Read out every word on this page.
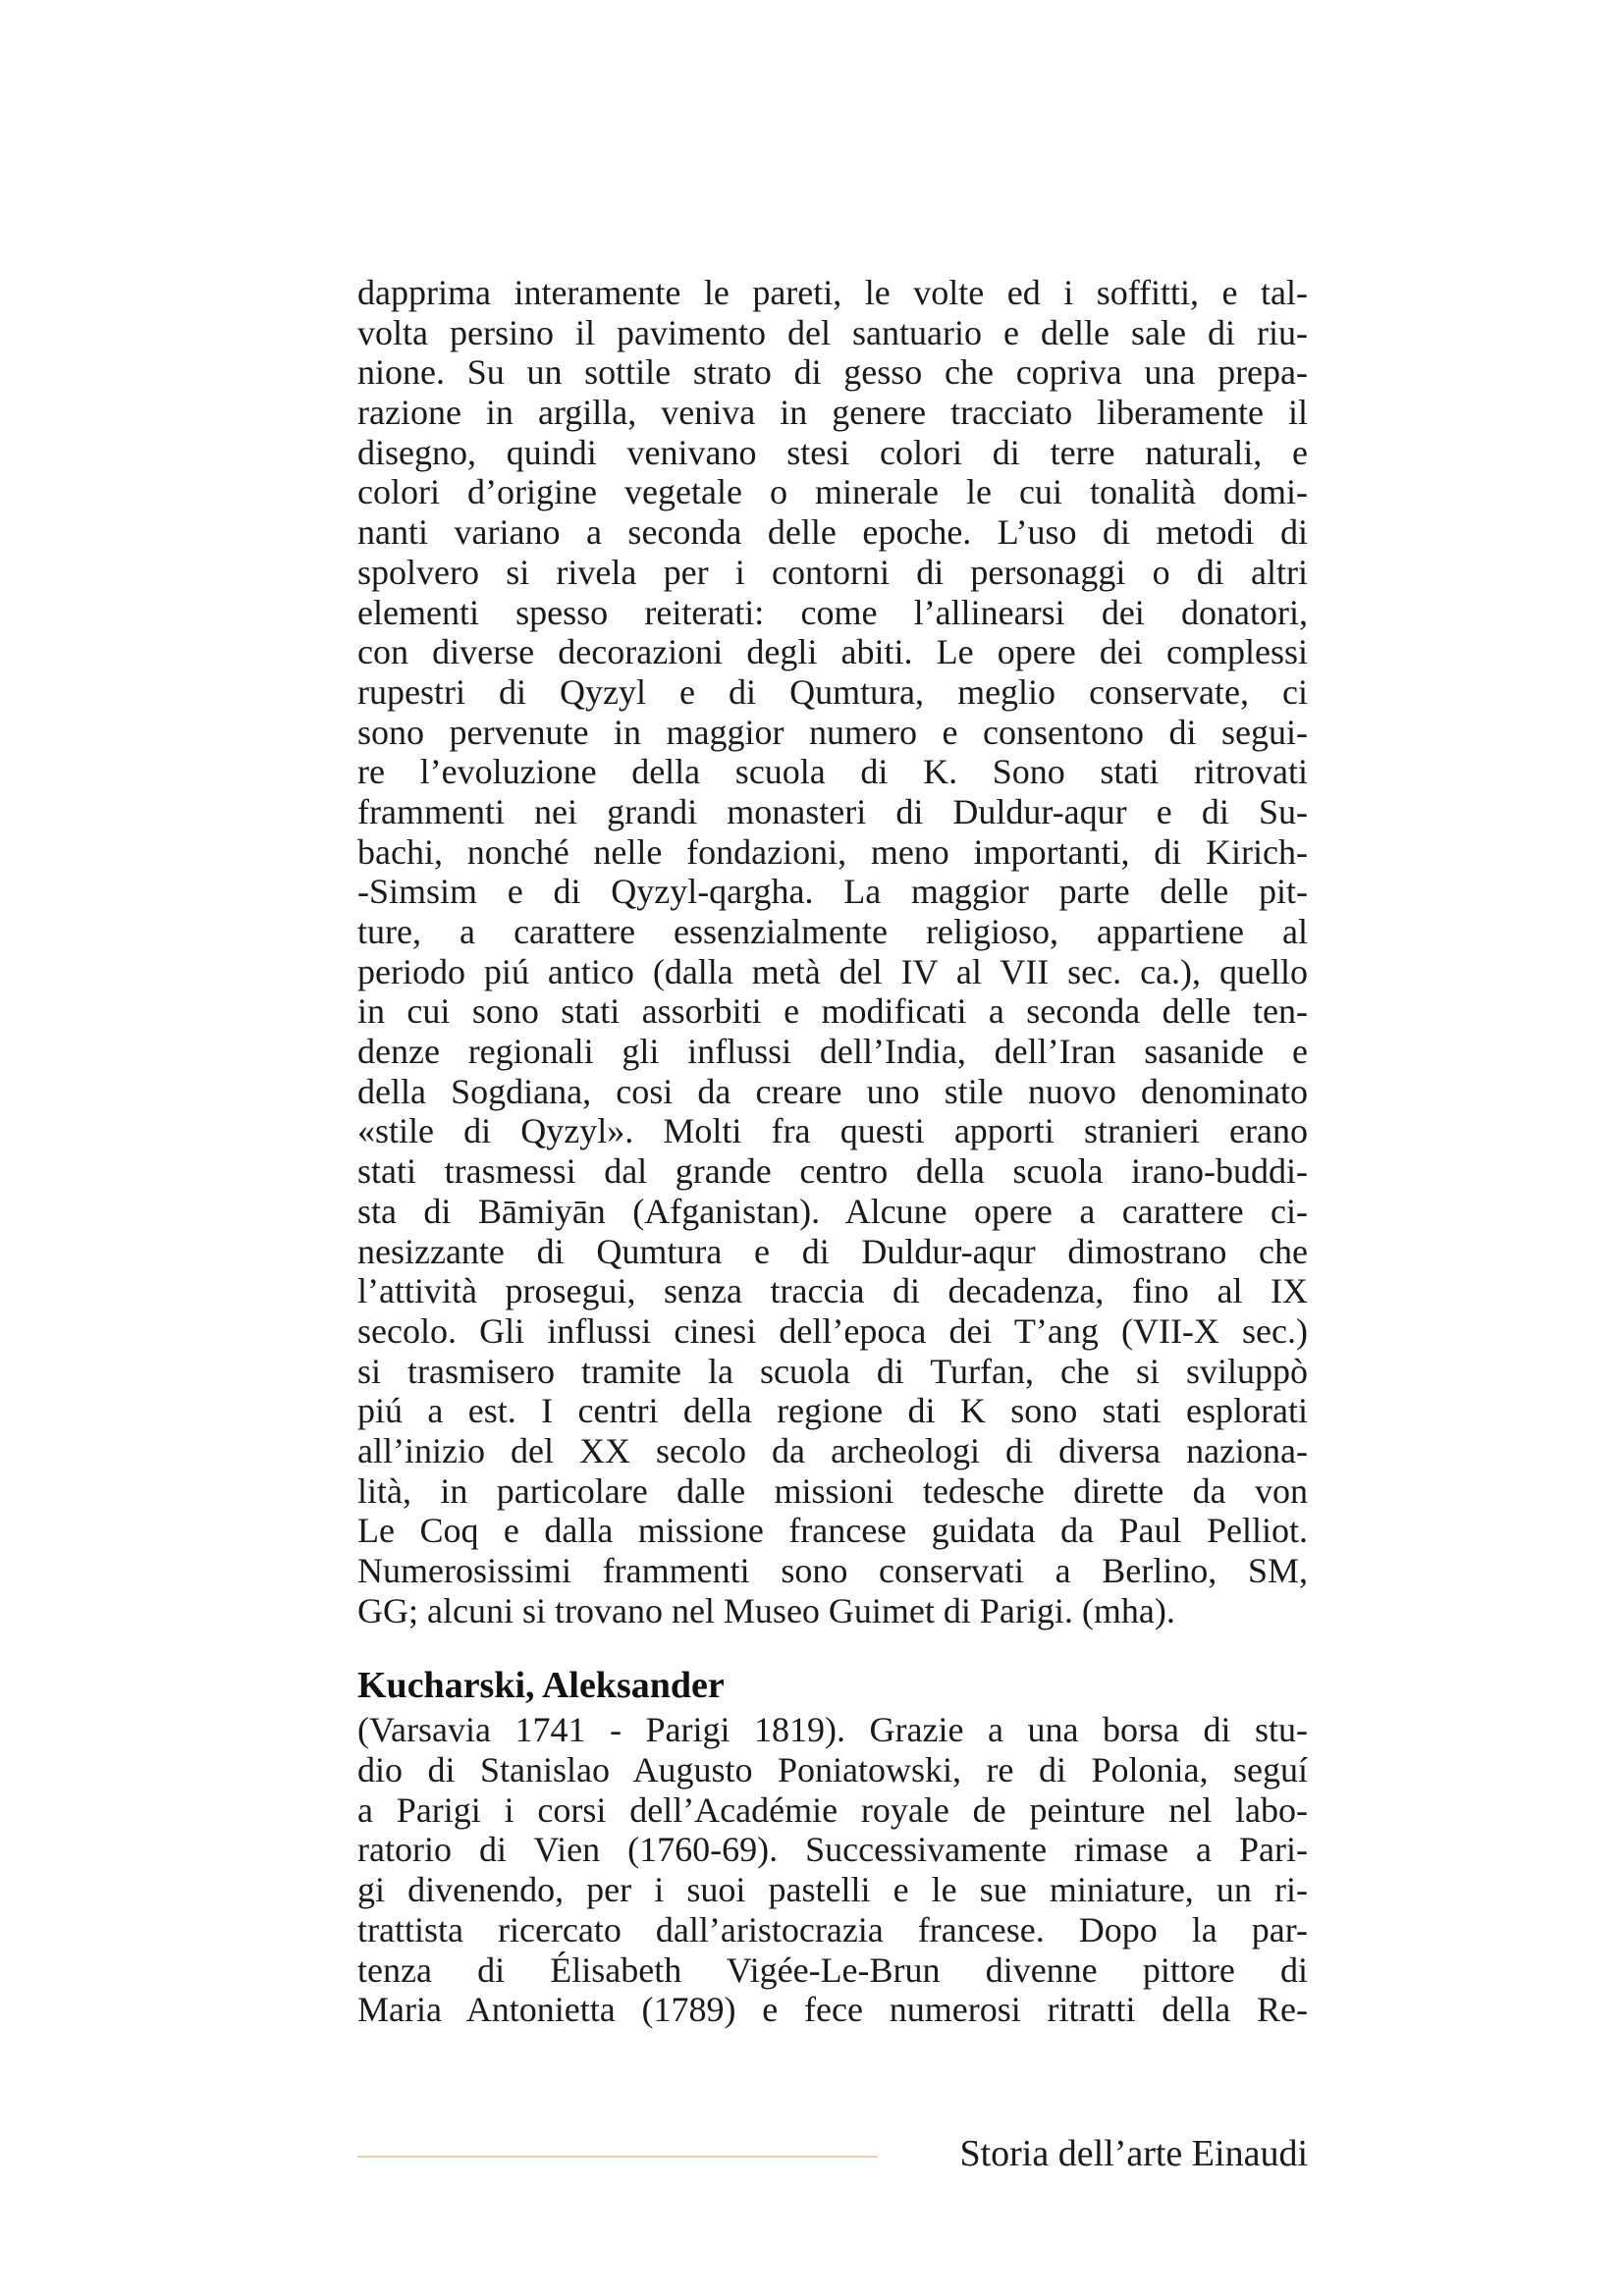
dapprima interamente le pareti, le volte ed i soffitti, e tal-
volta persino il pavimento del santuario e delle sale di riu-
nione. Su un sottile strato di gesso che copriva una prepa-
razione in argilla, veniva in genere tracciato liberamente il
disegno, quindi venivano stesi colori di terre naturali, e
colori d’origine vegetale o minerale le cui tonalità domi-
nanti variano a seconda delle epoche. L’uso di metodi di
spolvero si rivela per i contorni di personaggi o di altri
elementi spesso reiterati: come l’allinearsi dei donatori,
con diverse decorazioni degli abiti. Le opere dei complessi
rupestri di Qyzyl e di Qumtura, meglio conservate, ci
sono pervenute in maggior numero e consentono di segui-
re l’evoluzione della scuola di K. Sono stati ritrovati
frammenti nei grandi monasteri di Duldur-aqur e di Su-
bachi, nonché nelle fondazioni, meno importanti, di Kirich-
-Simsim e di Qyzyl-qargha. La maggior parte delle pit-
ture, a carattere essenzialmente religioso, appartiene al
periodo piú antico (dalla metà del IV al VII sec. ca.), quello
in cui sono stati assorbiti e modificati a seconda delle ten-
denze regionali gli influssi dell’India, dell’Iran sasanide e
della Sogdiana, cosi da creare uno stile nuovo denominato
«stile di Qyzyl». Molti fra questi apporti stranieri erano
stati trasmessi dal grande centro della scuola irano-buddi-
sta di Bāmiyān (Afganistan). Alcune opere a carattere ci-
nesizzante di Qumtura e di Duldur-aqur dimostrano che
l’attività prosegui, senza traccia di decadenza, fino al IX
secolo. Gli influssi cinesi dell’epoca dei T’ang (VII-X sec.)
si trasmisero tramite la scuola di Turfan, che si sviluppò
piú a est. I centri della regione di K sono stati esplorati
all’inizio del XX secolo da archeologi di diversa naziona-
lità, in particolare dalle missioni tedesche dirette da von
Le Coq e dalla missione francese guidata da Paul Pelliot.
Numerosissimi frammenti sono conservati a Berlino, SM,
GG; alcuni si trovano nel Museo Guimet di Parigi. (mha).
Kucharski, Aleksander
(Varsavia 1741 - Parigi 1819). Grazie a una borsa di stu-
dio di Stanislao Augusto Poniatowski, re di Polonia, seguí
a Parigi i corsi dell’Académie royale de peinture nel labo-
ratorio di Vien (1760-69). Successivamente rimase a Pari-
gi divenendo, per i suoi pastelli e le sue miniature, un ri-
trattista ricercato dall’aristocrazia francese. Dopo la par-
tenza di Élisabeth Vigée-Le-Brun divenne pittore di
Maria Antonietta (1789) e fece numerosi ritratti della Re-
Storia dell’arte Einaudi
